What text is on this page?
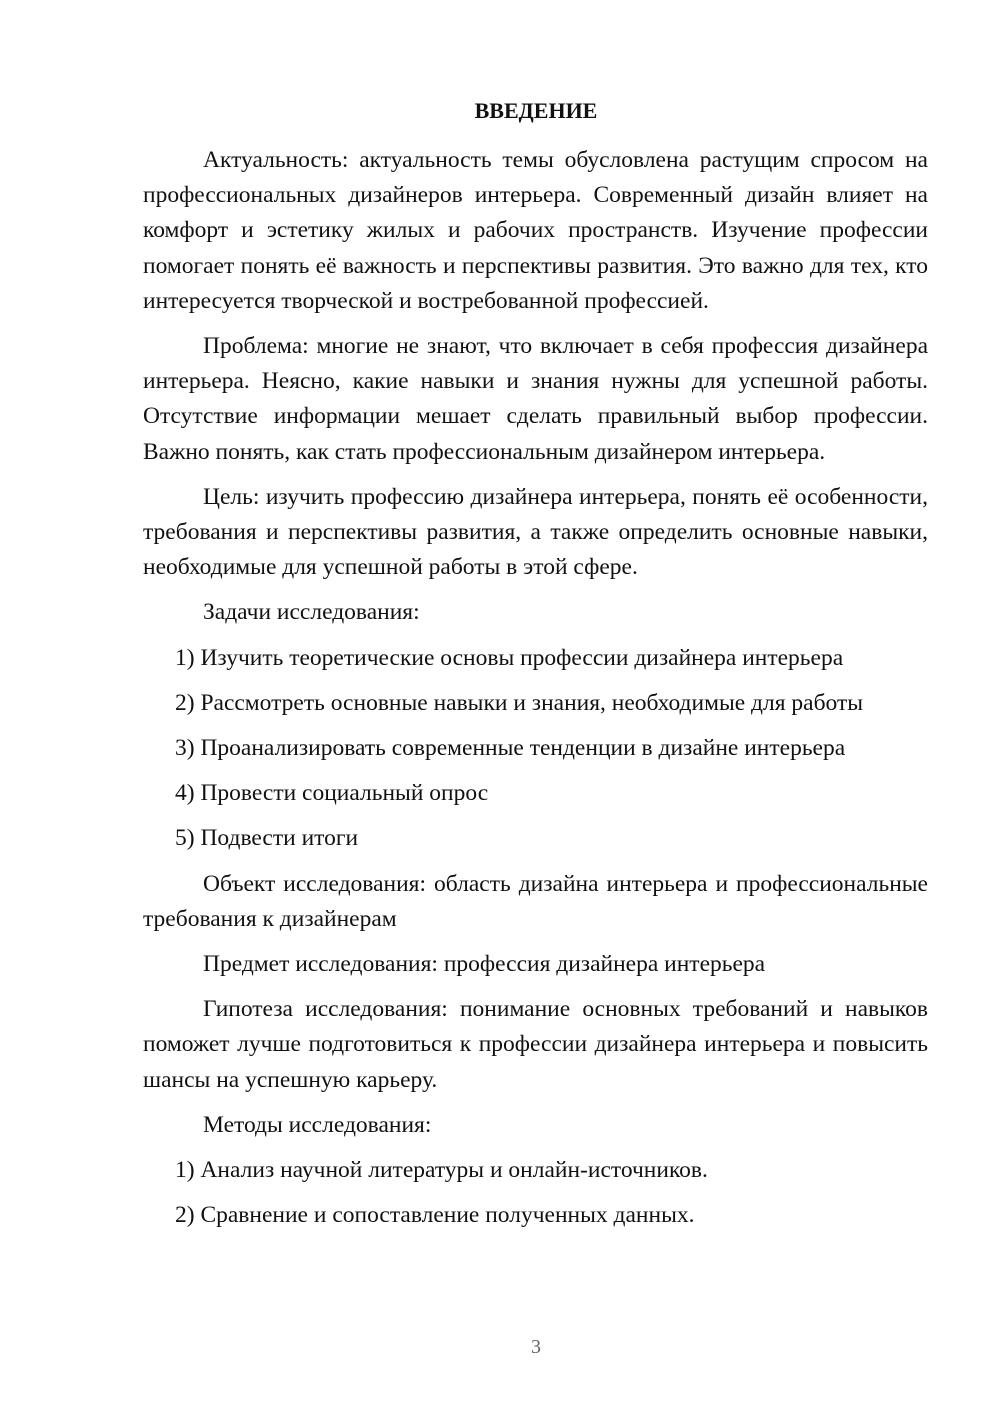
ВВЕДЕНИЕ

Актуальность: актуальность темы обусловлена растущим спросом на профессиональных дизайнеров интерьера. Современный дизайн влияет на комфорт и эстетику жилых и рабочих пространств. Изучение профессии помогает понять её важность и перспективы развития. Это важно для тех, кто интересуется творческой и востребованной профессией.

Проблема: многие не знают, что включает в себя профессия дизайнера интерьера. Неясно, какие навыки и знания нужны для успешной работы. Отсутствие информации мешает сделать правильный выбор профессии. Важно понять, как стать профессиональным дизайнером интерьера.

Цель: изучить профессию дизайнера интерьера, понять её особенности, требования и перспективы развития, а также определить основные навыки, необходимые для успешной работы в этой сфере.

Задачи исследования:

1) Изучить теоретические основы профессии дизайнера интерьера

2) Рассмотреть основные навыки и знания, необходимые для работы

3) Проанализировать современные тенденции в дизайне интерьера

4) Провести социальный опрос

5) Подвести итоги

Объект исследования: область дизайна интерьера и профессиональные требования к дизайнерам

Предмет исследования: профессия дизайнера интерьера

Гипотеза исследования: понимание основных требований и навыков поможет лучше подготовиться к профессии дизайнера интерьера и повысить шансы на успешную карьеру.

Методы исследования:

1) Анализ научной литературы и онлайн-источников.

2) Сравнение и сопоставление полученных данных.

3
